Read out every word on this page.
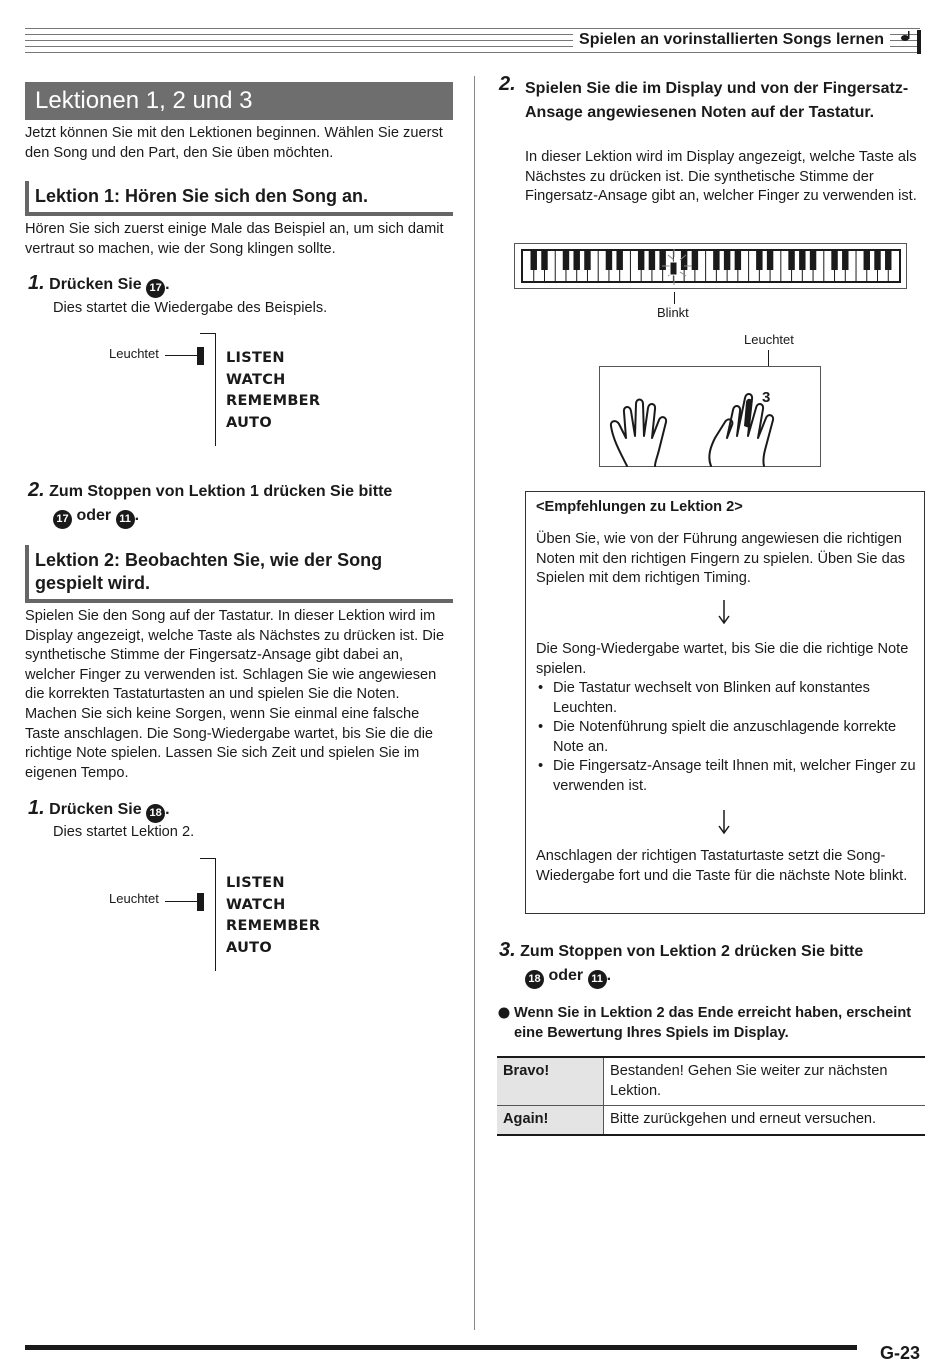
Spielen an vorinstallierten Songs lernen
Lektionen 1, 2 und 3
Jetzt können Sie mit den Lektionen beginnen. Wählen Sie zuerst den Song und den Part, den Sie üben möchten.
Lektion 1: Hören Sie sich den Song an.
Hören Sie sich zuerst einige Male das Beispiel an, um sich damit vertraut so machen, wie der Song klingen sollte.
1. Drücken Sie 17 .
Dies startet die Wiedergabe des Beispiels.
Leuchtet	LISTEN
WATCH
REMEMBER
AUTO
2. Zum Stoppen von Lektion 1 drücken Sie bitte
17 oder 11 .
Lektion 2: Beobachten Sie, wie der Song gespielt wird.
Spielen Sie den Song auf der Tastatur. In dieser Lektion wird im Display angezeigt, welche Taste als Nächstes zu drücken ist. Die synthetische Stimme der Fingersatz-Ansage gibt dabei an, welcher Finger zu verwenden ist. Schlagen Sie wie angewiesen die korrekten Tastaturtasten an und spielen Sie die Noten. Machen Sie sich keine Sorgen, wenn Sie einmal eine falsche Taste anschlagen. Die Song-Wiedergabe wartet, bis Sie die die richtige Note spielen. Lassen Sie sich Zeit und spielen Sie im eigenen Tempo.
1. Drücken Sie 18 .
Dies startet Lektion 2.
Leuchtet
LISTEN
WATCH
REMEMBER
AUTO
2. Spielen Sie die im Display und von der Fingersatz-Ansage angewiesenen Noten auf der Tastatur.
In dieser Lektion wird im Display angezeigt, welche Taste als Nächstes zu drücken ist. Die synthetische Stimme der Fingersatz-Ansage gibt an, welcher Finger zu verwenden ist.
Blinkt
Leuchtet
3
<Empfehlungen zu Lektion 2>
Üben Sie, wie von der Führung angewiesen die richtigen Noten mit den richtigen Fingern zu spielen. Üben Sie das Spielen mit dem richtigen Timing.
Die Song-Wiedergabe wartet, bis Sie die die richtige Note spielen.
• Die Tastatur wechselt von Blinken auf konstantes Leuchten.
• Die Notenführung spielt die anzuschlagende korrekte Note an.
• Die Fingersatz-Ansage teilt Ihnen mit, welcher Finger zu verwenden ist.
Anschlagen der richtigen Tastaturtaste setzt die Song-Wiedergabe fort und die Taste für die nächste Note blinkt.
3. Zum Stoppen von Lektion 2 drücken Sie bitte
18 oder 11 .
Wenn Sie in Lektion 2 das Ende erreicht haben, erscheint eine Bewertung Ihres Spiels im Display.
Bravo!	Bestanden! Gehen Sie weiter zur nächsten Lektion.
Again!	Bitte zurückgehen und erneut versuchen.
G-23
